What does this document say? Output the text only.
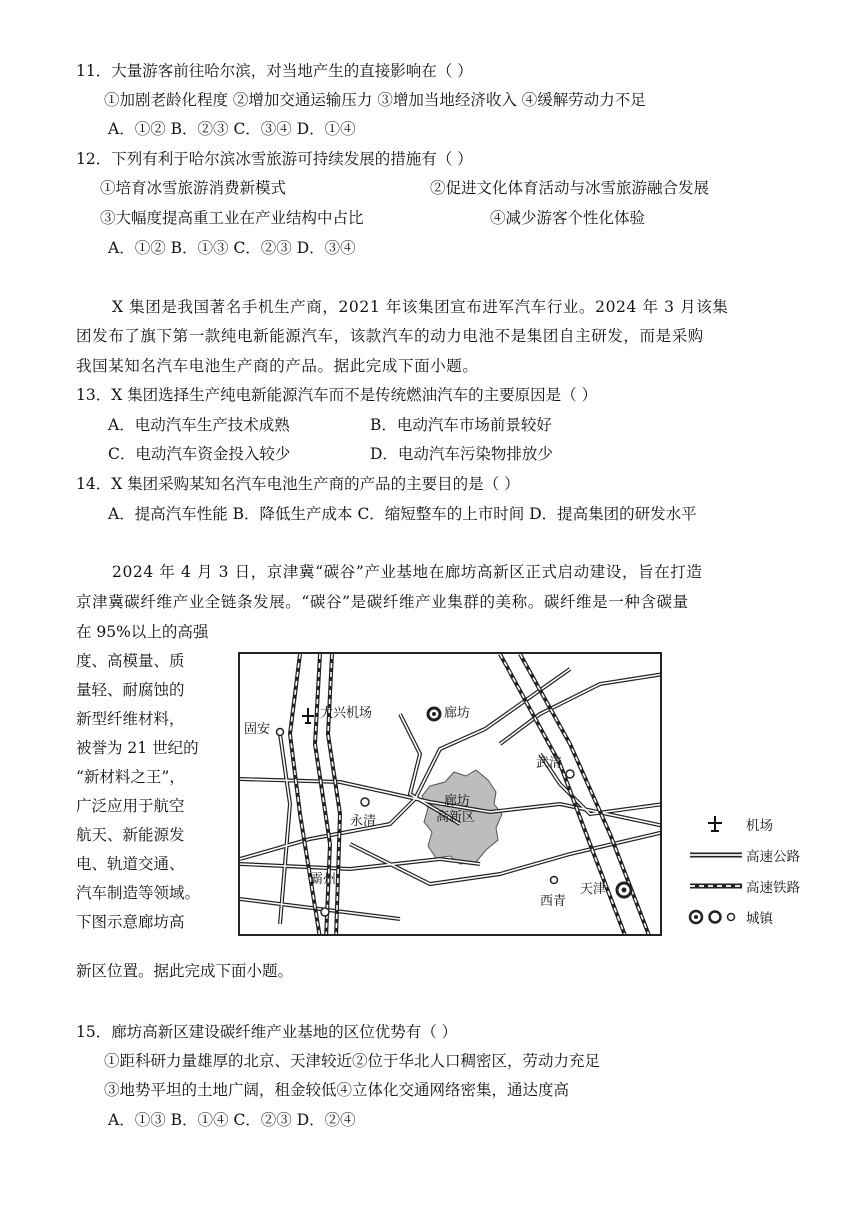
11．大量游客前往哈尔滨，对当地产生的直接影响在（ ）
①加剧老龄化程度 ②增加交通运输压力 ③增加当地经济收入 ④缓解劳动力不足
A．①② B．②③ C．③④ D．①④
12．下列有利于哈尔滨冰雪旅游可持续发展的措施有（ ）
①培育冰雪旅游消费新模式	②促进文化体育活动与冰雪旅游融合发展
③大幅度提高重工业在产业结构中占比	④减少游客个性化体验
A．①② B．①③ C．②③ D．③④
X 集团是我国著名手机生产商，2021 年该集团宣布进军汽车行业。2024 年 3 月该集
团发布了旗下第一款纯电新能源汽车，该款汽车的动力电池不是集团自主研发，而是采购
我国某知名汽车电池生产商的产品。据此完成下面小题。
13．X 集团选择生产纯电新能源汽车而不是传统燃油汽车的主要原因是（ ）
A．电动汽车生产技术成熟	B．电动汽车市场前景较好
C．电动汽车资金投入较少	D．电动汽车污染物排放少
14．X 集团采购某知名汽车电池生产商的产品的主要目的是（ ）
A．提高汽车性能 B．降低生产成本 C．缩短整车的上市时间 D．提高集团的研发水平
2024 年 4 月 3 日，京津冀“碳谷”产业基地在廊坊高新区正式启动建设，旨在打造
京津冀碳纤维产业全链条发展。“碳谷”是碳纤维产业集群的美称。碳纤维是一种含碳量
在 95%以上的高强
度、高模量、质
量轻、耐腐蚀的
新型纤维材料，
被誉为 21 世纪的
“新材料之王”，
广泛应用于航空
航天、新能源发
电、轨道交通、
汽车制造等领域。
下图示意廊坊高
新区位置。据此完成下面小题。
固安
大兴机场	廊坊
武清
永清
廊坊
高新区
霸州
西青
天津
机场
高速公路
高速铁路
城镇
15．廊坊高新区建设碳纤维产业基地的区位优势有（ ）
①距科研力量雄厚的北京、天津较近②位于华北人口稠密区，劳动力充足
③地势平坦的土地广阔，租金较低④立体化交通网络密集，通达度高
A．①③ B．①④ C．②③ D．②④
